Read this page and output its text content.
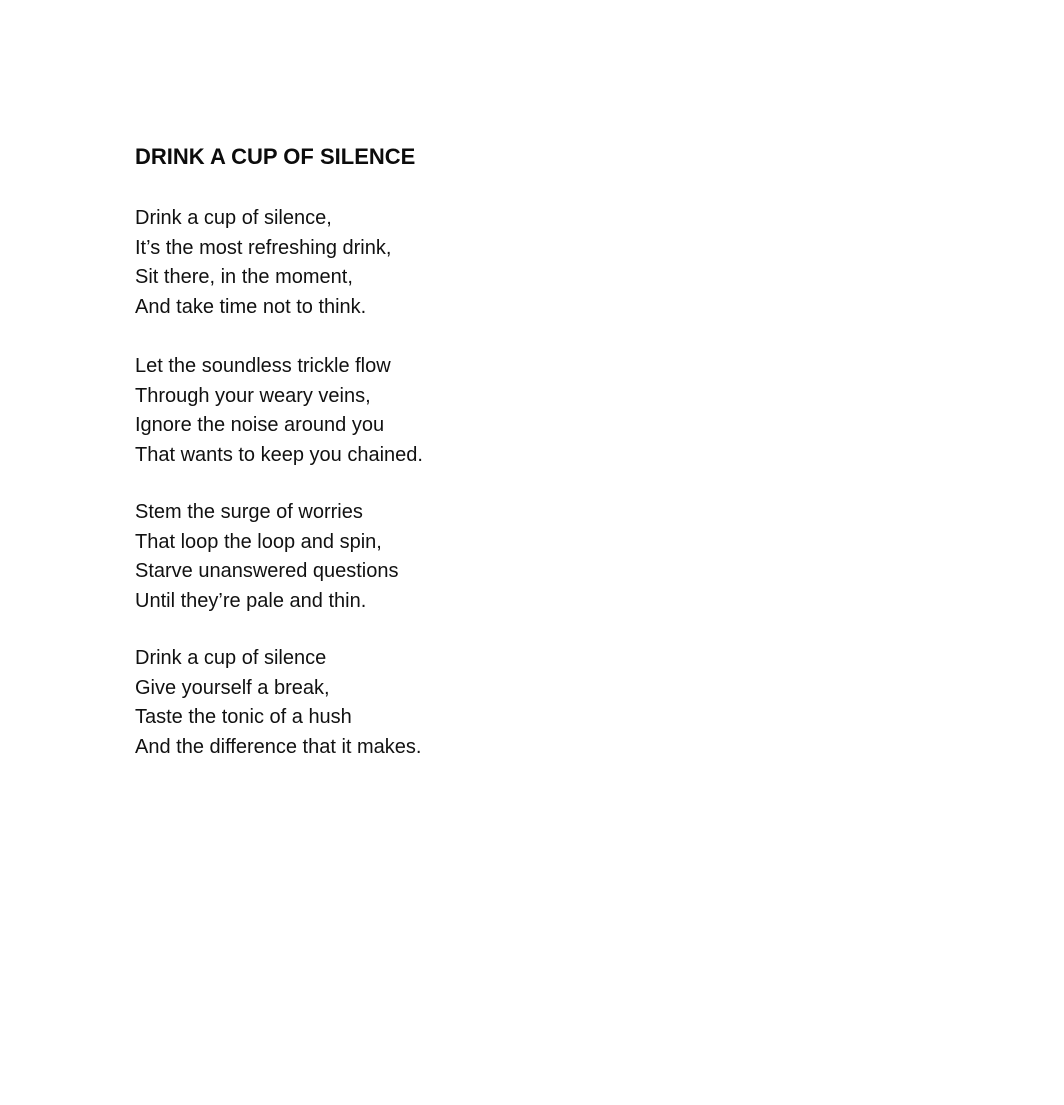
DRINK A CUP OF SILENCE
Drink a cup of silence,
It’s the most refreshing drink,
Sit there, in the moment,
And take time not to think.
Let the soundless trickle flow
Through your weary veins,
Ignore the noise around you
That wants to keep you chained.
Stem the surge of worries
That loop the loop and spin,
Starve unanswered questions
Until they’re pale and thin.
Drink a cup of silence
Give yourself a break,
Taste the tonic of a hush
And the difference that it makes.
